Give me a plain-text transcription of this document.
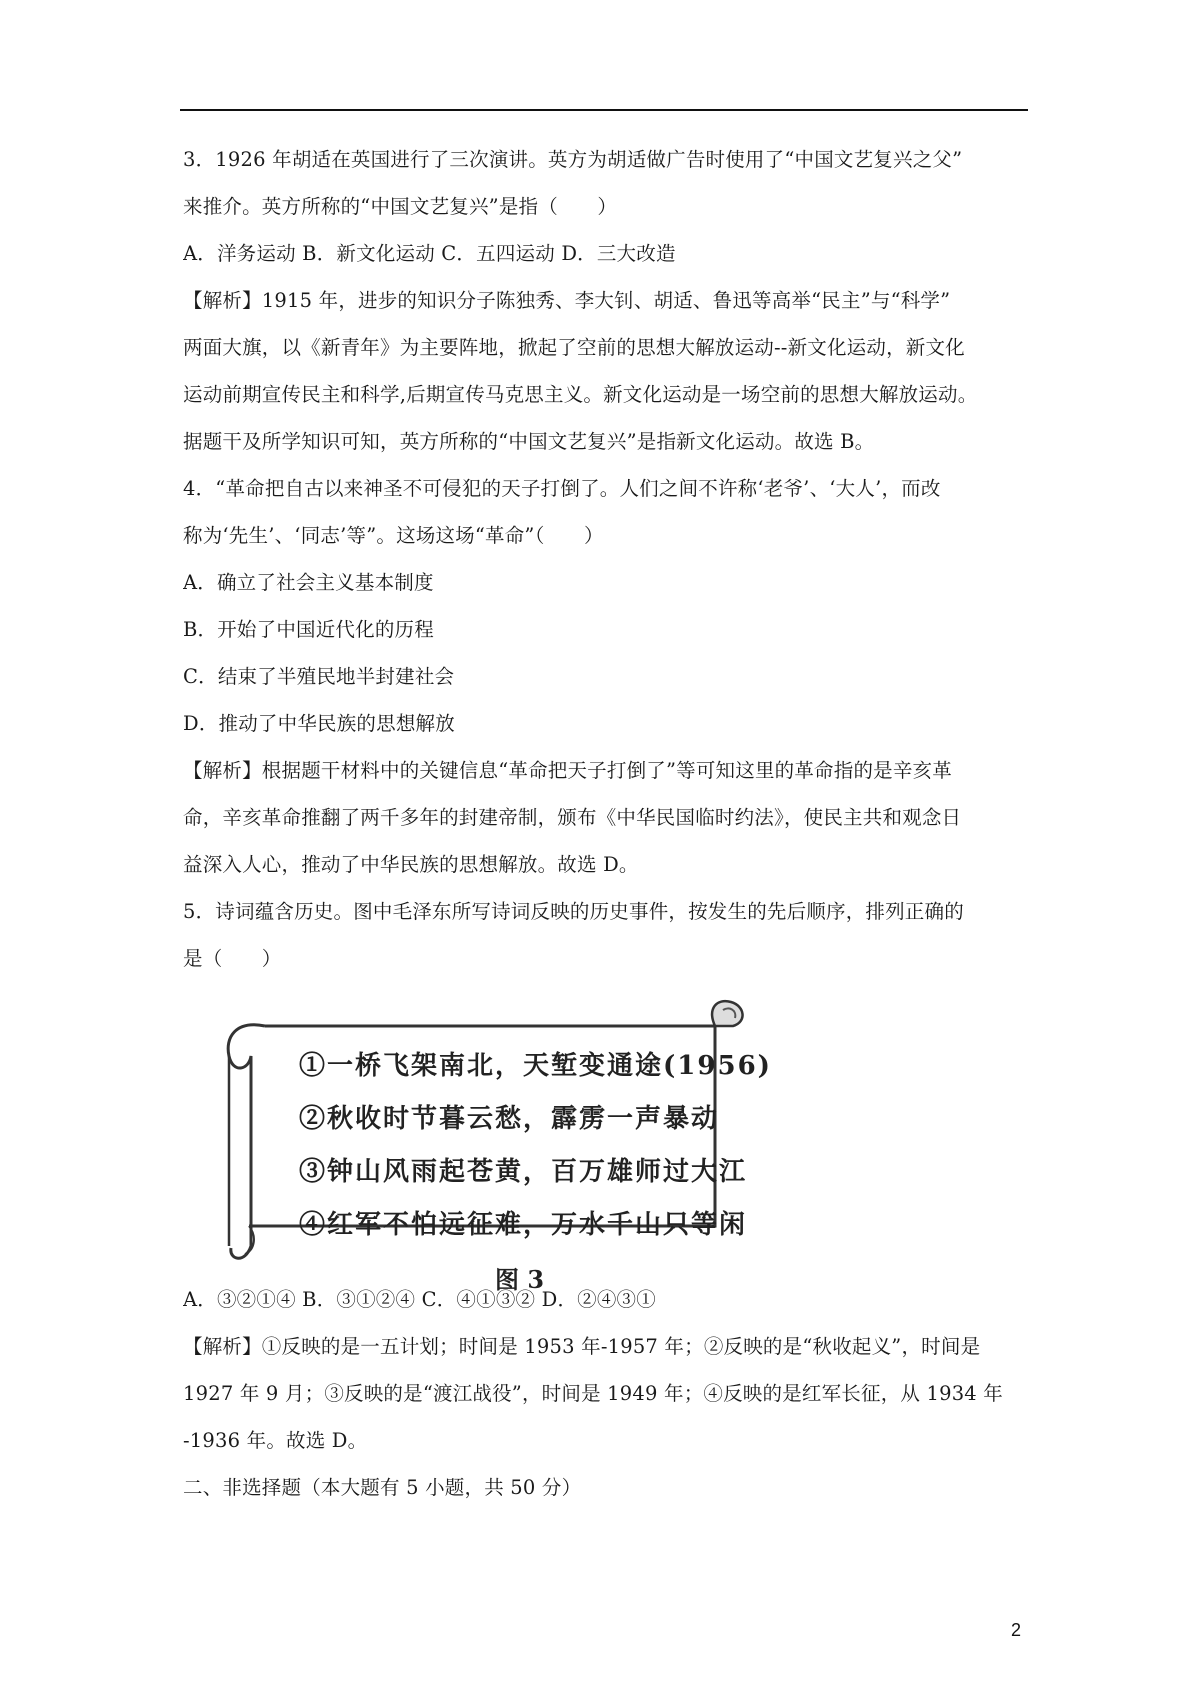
3．1926 年胡适在英国进行了三次演讲。英方为胡适做广告时使用了“中国文艺复兴之父”
来推介。英方所称的“中国文艺复兴”是指（　　）
A．洋务运动 B．新文化运动 C．五四运动 D．三大改造
【解析】1915 年，进步的知识分子陈独秀、李大钊、胡适、鲁迅等高举“民主”与“科学”
两面大旗，以《新青年》为主要阵地，掀起了空前的思想大解放运动--新文化运动，新文化
运动前期宣传民主和科学,后期宣传马克思主义。新文化运动是一场空前的思想大解放运动。
据题干及所学知识可知，英方所称的“中国文艺复兴”是指新文化运动。故选 B。
4．“革命把自古以来神圣不可侵犯的天子打倒了。人们之间不许称‘老爷’、‘大人’，而改
称为‘先生’、‘同志’等”。这场这场“革命”（　　）
A．确立了社会主义基本制度
B．开始了中国近代化的历程
C．结束了半殖民地半封建社会
D．推动了中华民族的思想解放
【解析】根据题干材料中的关键信息“革命把天子打倒了”等可知这里的革命指的是辛亥革
命，辛亥革命推翻了两千多年的封建帝制，颁布《中华民国临时约法》，使民主共和观念日
益深入人心，推动了中华民族的思想解放。故选 D。
5．诗词蕴含历史。图中毛泽东所写诗词反映的历史事件，按发生的先后顺序，排列正确的
是（　　）
①一桥飞架南北，天堑变通途(1956)
②秋收时节暮云愁，霹雳一声暴动
③钟山风雨起苍黄，百万雄师过大江
④红军不怕远征难，万水千山只等闲
图 3
A．③②①④ B．③①②④ C．④①③② D．②④③①
【解析】①反映的是一五计划；时间是 1953 年-1957 年；②反映的是“秋收起义”，时间是
1927 年 9 月；③反映的是“渡江战役”，时间是 1949 年；④反映的是红军长征，从 1934 年
-1936 年。故选 D。
二、非选择题（本大题有 5 小题，共 50 分）
2
